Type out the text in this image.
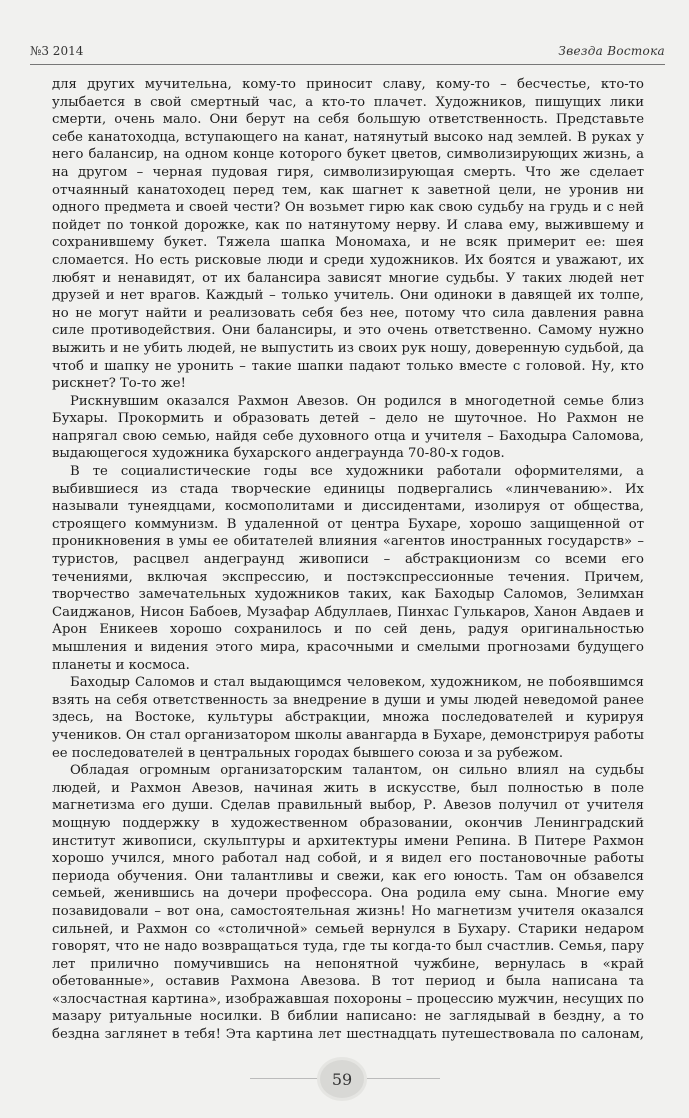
№3 2014	Звезда Востока

для других мучительна, кому-то приносит славу, кому-то – бесчестье, кто-то улыбается в свой смертный час, а кто-то плачет. Художников, пишущих лики смерти, очень мало. Они берут на себя большую ответственность. Представьте себе канатоходца, вступающего на канат, натянутый высоко над землей. В руках у него балансир, на одном конце которого букет цветов, символизирующих жизнь, а на другом – черная пудовая гиря, символизирующая смерть. Что же сделает отчаянный канатоходец перед тем, как шагнет к заветной цели, не уронив ни одного предмета и своей чести? Он возьмет гирю как свою судьбу на грудь и с ней пойдет по тонкой дорожке, как по натянутому нерву. И слава ему, выжившему и сохранившему букет. Тяжела шапка Мономаха, и не всяк примерит ее: шея сломается. Но есть рисковые люди и среди художников. Их боятся и уважают, их любят и ненавидят, от их балансира зависят многие судьбы. У таких людей нет друзей и нет врагов. Каждый – только учитель. Они одиноки в давящей их толпе, но не могут найти и реализовать себя без нее, потому что сила давления равна силе противодействия. Они балансиры, и это очень ответственно. Самому нужно выжить и не убить людей, не выпустить из своих рук ношу, доверенную судьбой, да чтоб и шапку не уронить – такие шапки падают только вместе с головой. Ну, кто рискнет? То-то же!

Рискнувшим оказался Рахмон Авезов. Он родился в многодетной семье близ Бухары. Прокормить и образовать детей – дело не шуточное. Но Рахмон не напрягал свою семью, найдя себе духовного отца и учителя – Баходыра Саломова, выдающегося художника бухарского андеграунда 70-80-х годов.

В те социалистические годы все художники работали оформителями, а выбившиеся из стада творческие единицы подвергались «линчеванию». Их называли тунеядцами, космополитами и диссидентами, изолируя от общества, строящего коммунизм. В удаленной от центра Бухаре, хорошо защищенной от проникновения в умы ее обитателей влияния «агентов иностранных государств» – туристов, расцвел андеграунд живописи – абстракционизм со всеми его течениями, включая экспрессию, и постэкспрессионные течения. Причем, творчество замечательных художников таких, как Баходыр Саломов, Зелимхан Саиджанов, Нисон Бабоев, Музафар Абдуллаев, Пинхас Гулькаров, Ханон Авдаев и Арон Еникеев хорошо сохранилось и по сей день, радуя оригинальностью мышления и видения этого мира, красочными и смелыми прогнозами будущего планеты и космоса.

Баходыр Саломов и стал выдающимся человеком, художником, не побоявшимся взять на себя ответственность за внедрение в души и умы людей неведомой ранее здесь, на Востоке, культуры абстракции, множа последователей и курируя учеников. Он стал организатором школы авангарда в Бухаре, демонстрируя работы ее последователей в центральных городах бывшего союза и за рубежом.

Обладая огромным организаторским талантом, он сильно влиял на судьбы людей, и Рахмон Авезов, начиная жить в искусстве, был полностью в поле магнетизма его души. Сделав правильный выбор, Р. Авезов получил от учителя мощную поддержку в художественном образовании, окончив Ленинградский институт живописи, скульптуры и архитектуры имени Репина. В Питере Рахмон хорошо учился, много работал над собой, и я видел его постановочные работы периода обучения. Они талантливы и свежи, как его юность. Там он обзавелся семьей, женившись на дочери профессора. Она родила ему сына. Многие ему позавидовали – вот она, самостоятельная жизнь! Но магнетизм учителя оказался сильней, и Рахмон со «столичной» семьей вернулся в Бухару. Старики недаром говорят, что не надо возвращаться туда, где ты когда-то был счастлив. Семья, пару лет прилично помучившись на непонятной чужбине, вернулась в «край обетованные», оставив Рахмона Авезова. В тот период и была написана та «злосчастная картина», изображавшая похороны – процессию мужчин, несущих по мазару ритуальные носилки. В библии написано: не заглядывай в бездну, а то бездна заглянет в тебя! Эта картина лет шестнадцать путешествовала по салонам,

59
